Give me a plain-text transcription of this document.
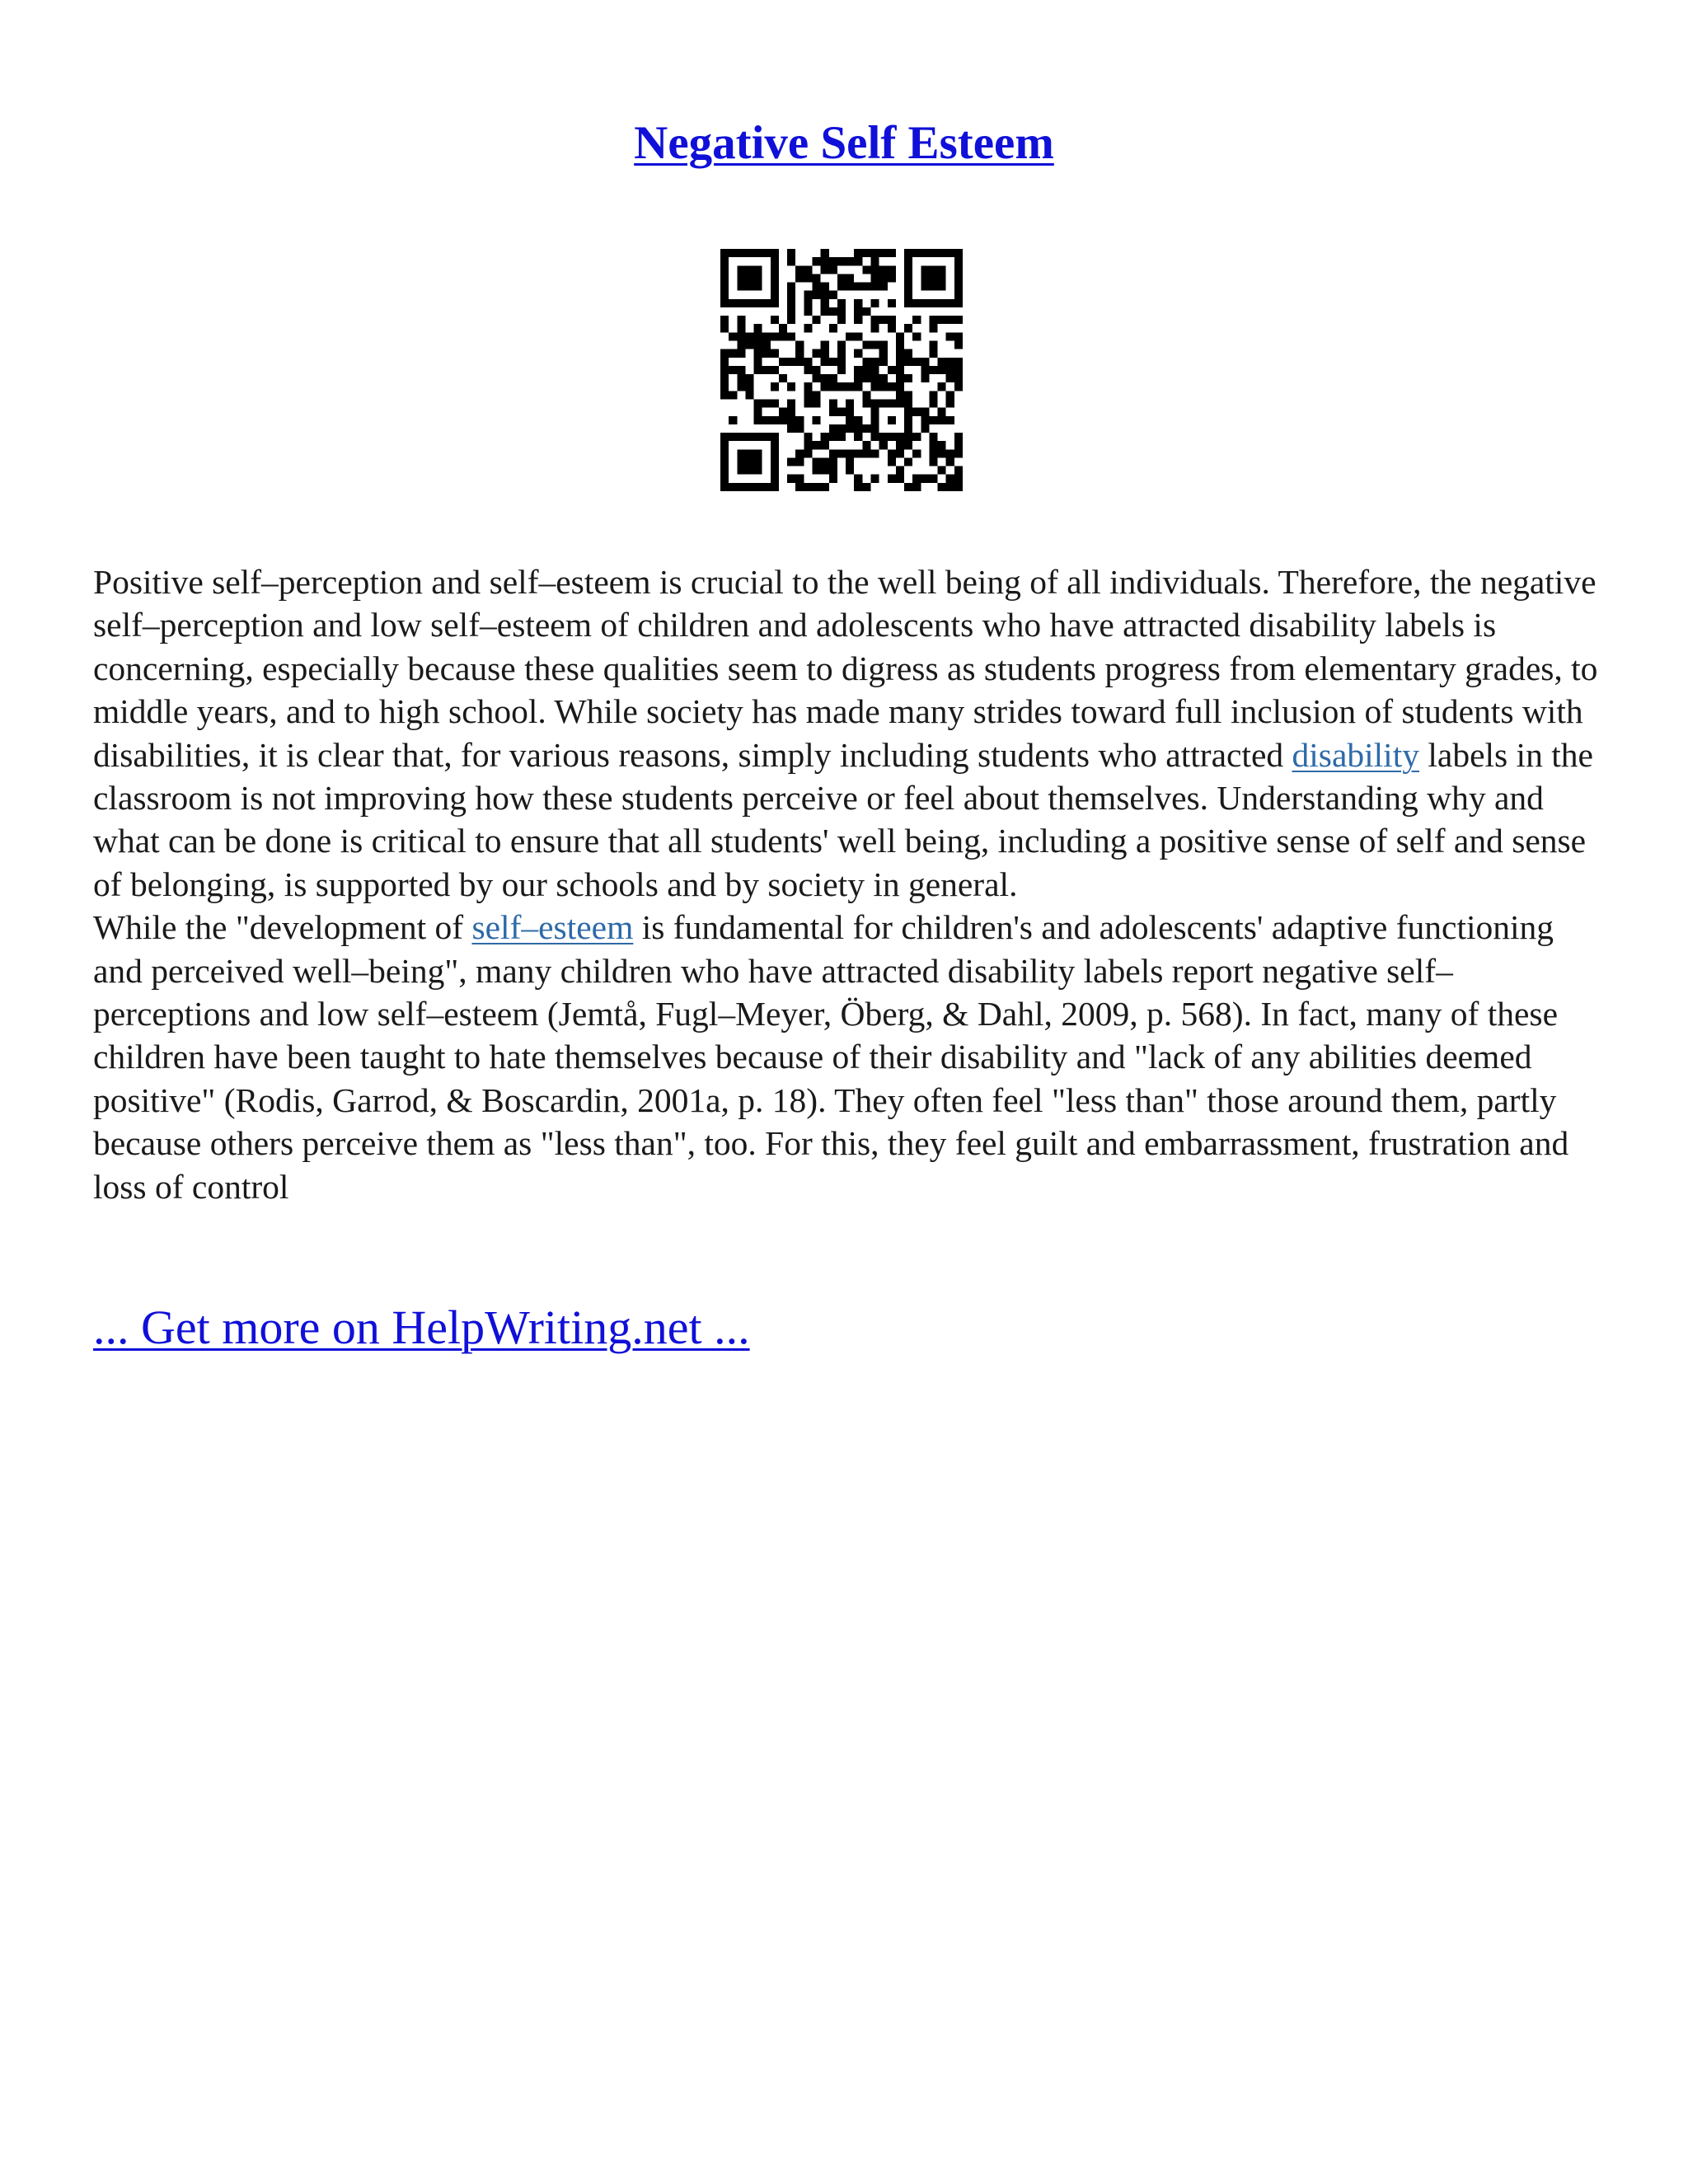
Negative Self Esteem

Positive self–perception and self–esteem is crucial to the well being of all individuals. Therefore, the negative self–perception and low self–esteem of children and adolescents who have attracted disability labels is concerning, especially because these qualities seem to digress as students progress from elementary grades, to middle years, and to high school. While society has made many strides toward full inclusion of students with disabilities, it is clear that, for various reasons, simply including students who attracted disability labels in the classroom is not improving how these students perceive or feel about themselves. Understanding why and what can be done is critical to ensure that all students' well being, including a positive sense of self and sense of belonging, is supported by our schools and by society in general.

While the "development of self–esteem is fundamental for children's and adolescents' adaptive functioning and perceived well–being", many children who have attracted disability labels report negative self–perceptions and low self–esteem (Jemtå, Fugl–Meyer, Öberg, & Dahl, 2009, p. 568). In fact, many of these children have been taught to hate themselves because of their disability and "lack of any abilities deemed positive" (Rodis, Garrod, & Boscardin, 2001a, p. 18). They often feel "less than" those around them, partly because others perceive them as "less than", too. For this, they feel guilt and embarrassment, frustration and loss of control

... Get more on HelpWriting.net ...
